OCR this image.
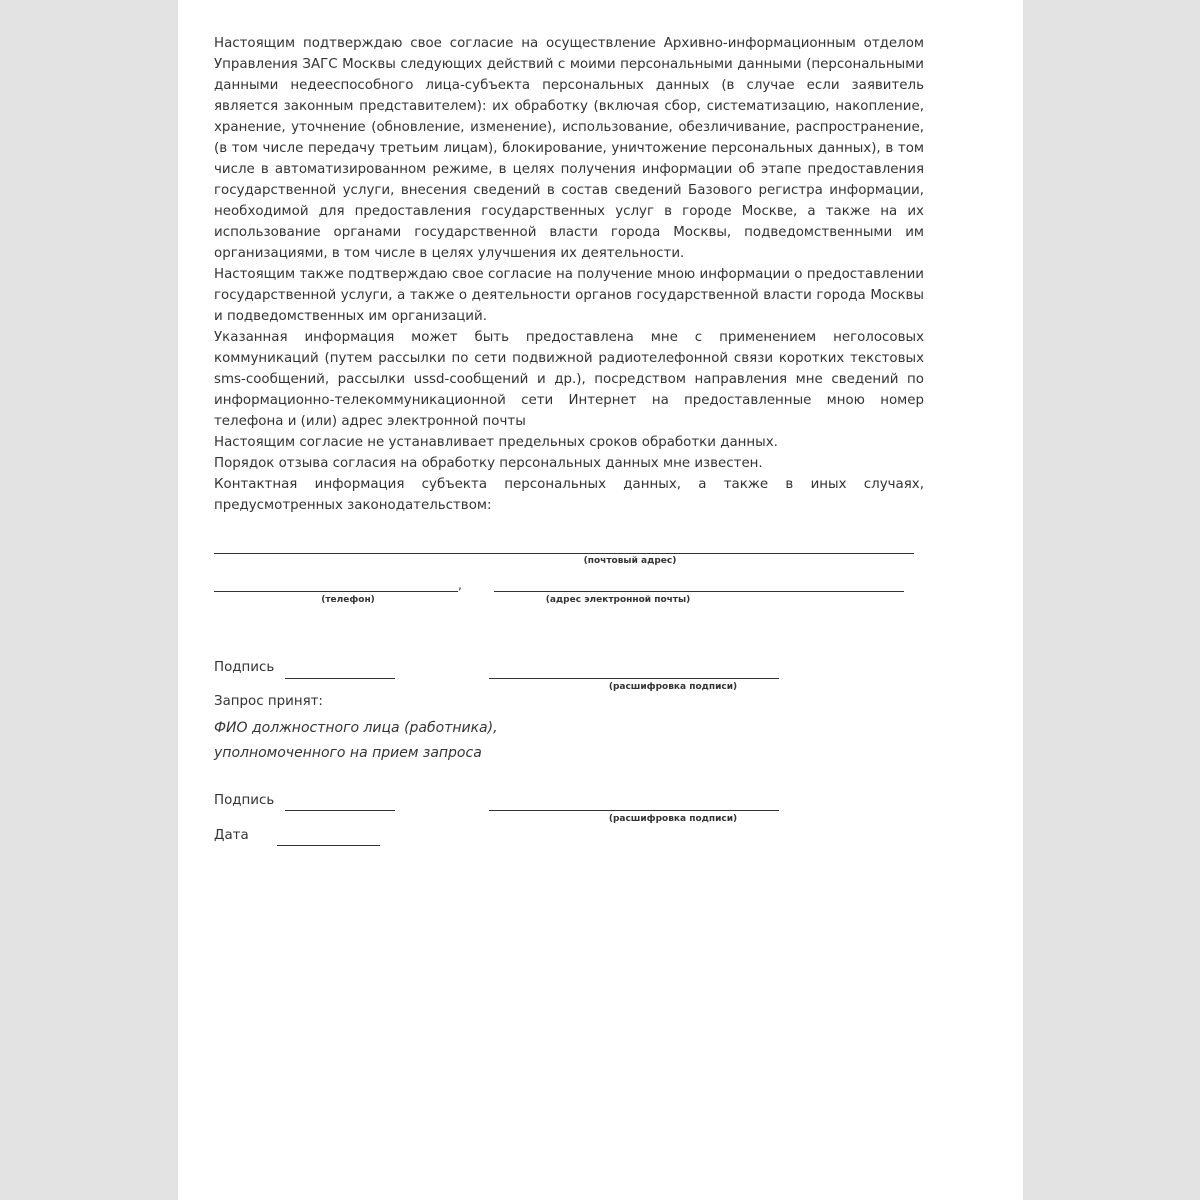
Настоящим подтверждаю свое согласие на осуществление Архивно-информационным отделом Управления ЗАГС Москвы следующих действий с моими персональными данными (персональными данными недееспособного лица-субъекта персональных данных (в случае если заявитель является законным представителем): их обработку (включая сбор, систематизацию, накопление, хранение, уточнение (обновление, изменение), использование, обезличивание, распространение, (в том числе передачу третьим лицам), блокирование, уничтожение персональных данных), в том числе в автоматизированном режиме, в целях получения информации об этапе предоставления государственной услуги, внесения сведений в состав сведений Базового регистра информации, необходимой для предоставления государственных услуг в городе Москве, а также на их использование органами государственной власти города Москвы, подведомственными им организациями, в том числе в целях улучшения их деятельности.

Настоящим также подтверждаю свое согласие на получение мною информации о предоставлении государственной услуги, а также о деятельности органов государственной власти города Москвы и подведомственных им организаций.

Указанная информация может быть предоставлена мне с применением неголосовых коммуникаций (путем рассылки по сети подвижной радиотелефонной связи коротких текстовых sms-сообщений, рассылки ussd-сообщений и др.), посредством направления мне сведений по информационно-телекоммуникационной сети Интернет на предоставленные мною номер телефона и (или) адрес электронной почты

Настоящим согласие не устанавливает предельных сроков обработки данных.

Порядок отзыва согласия на обработку персональных данных мне известен.

Контактная информация субъекта персональных данных, а также в иных случаях, предусмотренных законодательством:

(почтовый адрес)
,
(телефон)	(адрес электронной почты)
Подпись
(расшифровка подписи)
Запрос принят:
ФИО должностного лица (работника),
уполномоченного на прием запроса
Подпись
(расшифровка подписи)
Дата
